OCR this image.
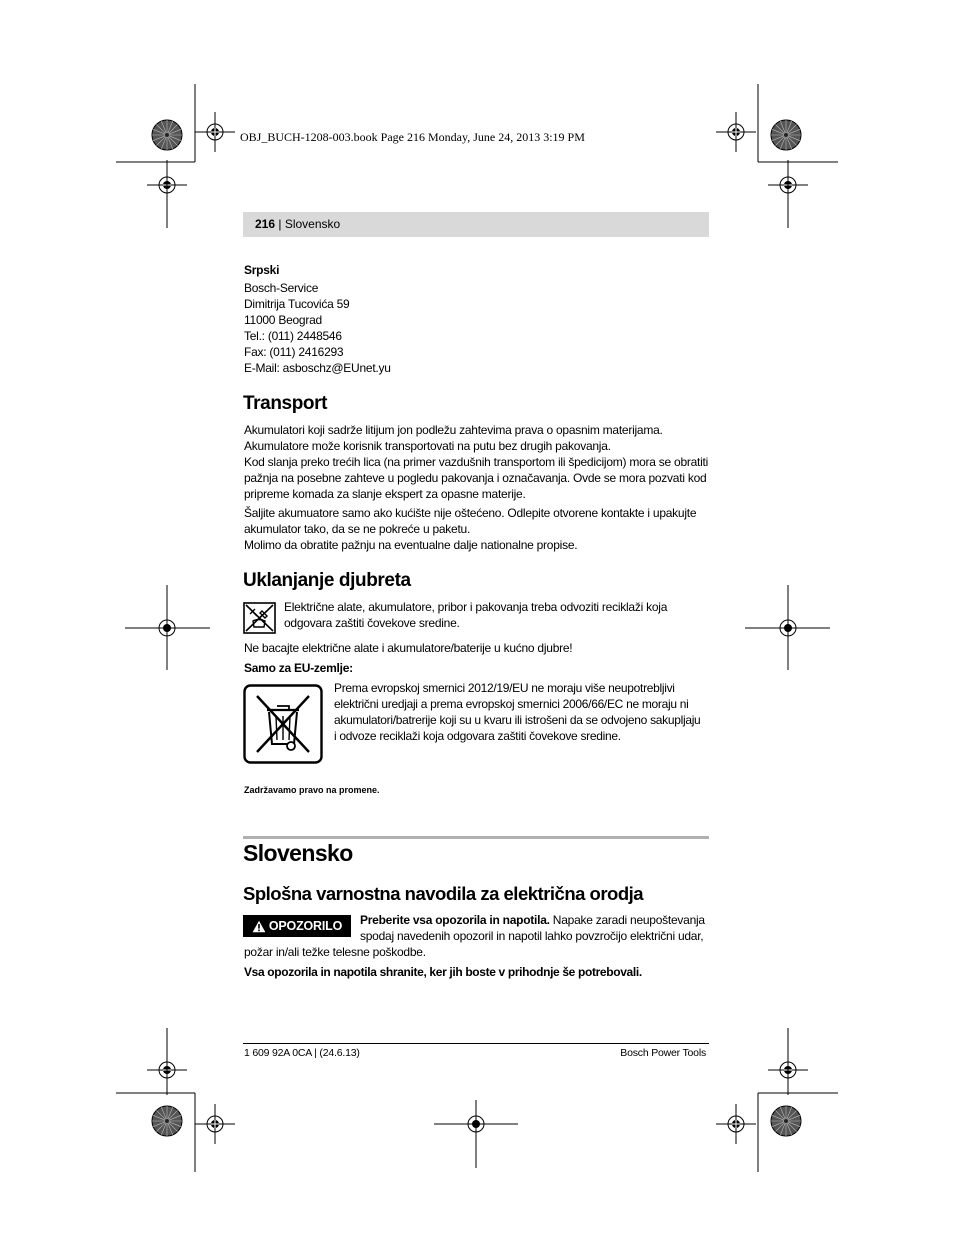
OBJ_BUCH-1208-003.book Page 216 Monday, June 24, 2013 3:19 PM
216 | Slovensko
Srpski
Bosch-Service
Dimitrija Tucovića 59
11000 Beograd
Tel.: (011) 2448546
Fax: (011) 2416293
E-Mail: asboschz@EUnet.yu
Transport
Akumulatori koji sadrže litijum jon podležu zahtevima prava o opasnim materijama.
Akumulatore može korisnik transportovati na putu bez drugih pakovanja.
Kod slanja preko trećih lica (na primer vazdušnih transportom ili špedicijom) mora se obratiti
pažnja na posebne zahteve u pogledu pakovanja i označavanja. Ovde se mora pozvati kod
pripreme komada za slanje ekspert za opasne materije.
Šaljite akumuatore samo ako kućište nije oštećeno. Odlepite otvorene kontakte i upakujte
akumulator tako, da se ne pokreće u paketu.
Molimo da obratite pažnju na eventualne dalje nationalne propise.
Uklanjanje djubreta
Električne alate, akumulatore, pribor i pakovanja treba odvoziti reciklaži koja
odgovara zaštiti čovekove sredine.
Ne bacajte električne alate i akumulatore/baterije u kućno djubre!
Samo za EU-zemlje:
Prema evropskoj smernici 2012/19/EU ne moraju više neupotrebljivi
električni uredjaji a prema evropskoj smernici 2006/66/EC ne moraju ni
akumulatori/batrerije koji su u kvaru ili istrošeni da se odvojeno sakupljaju
i odvoze reciklaži koja odgovara zaštiti čovekove sredine.
Zadržavamo pravo na promene.
Slovensko
Splošna varnostna navodila za električna orodja
OPOZORILO Preberite vsa opozorila in napotila. Napake zaradi neupoštevanja
spodaj navedenih opozoril in napotil lahko povzročijo električni udar,
požar in/ali težke telesne poškodbe.
Vsa opozorila in napotila shranite, ker jih boste v prihodnje še potrebovali.
1 609 92A 0CA | (24.6.13)	Bosch Power Tools
